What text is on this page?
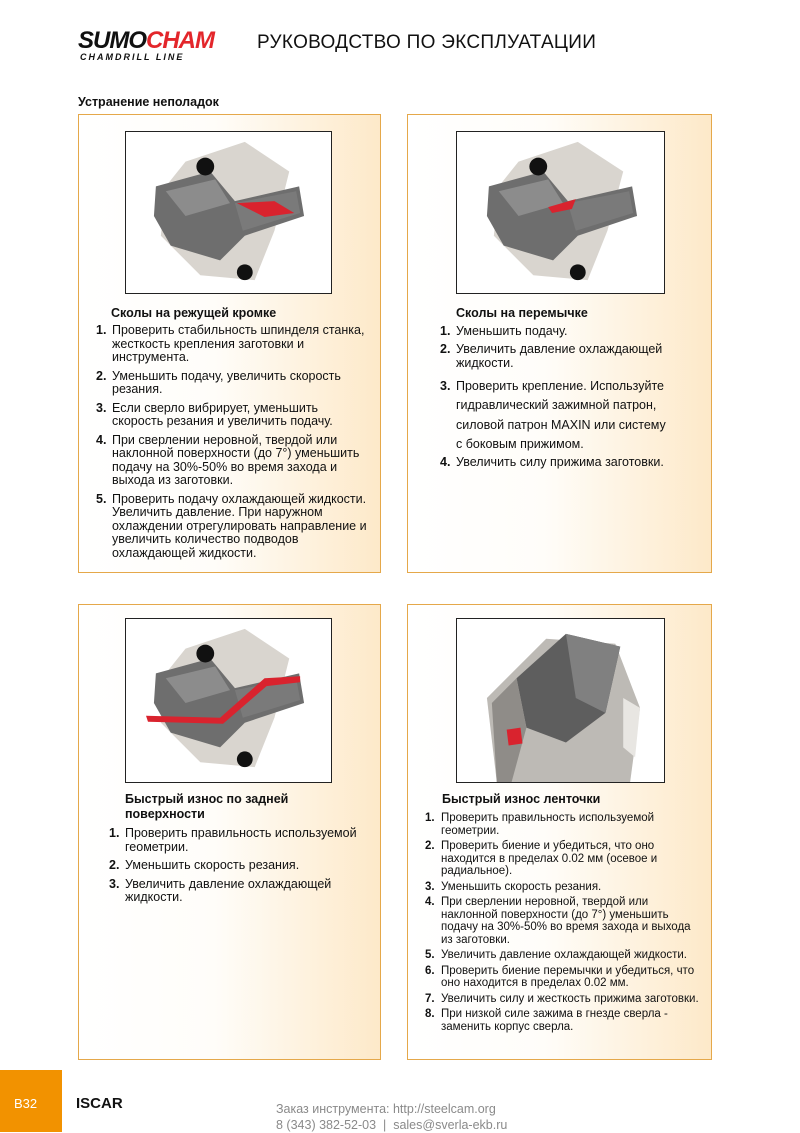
SUMOCHAM
CHAMDRILL LINE
РУКОВОДСТВО ПО ЭКСПЛУАТАЦИИ
Устранение неполадок
Сколы на режущей кромке
1. Проверить стабильность шпинделя станка, жесткость крепления заготовки и инструмента.
2. Уменьшить подачу, увеличить скорость резания.
3. Если сверло вибрирует, уменьшить скорость резания и увеличить подачу.
4. При сверлении неровной, твердой или наклонной поверхности (до 7°) уменьшить подачу на 30%-50% во время захода и выхода из заготовки.
5. Проверить подачу охлаждающей жидкости. Увеличить давление. При наружном охлаждении отрегулировать направление и увеличить количество подводов охлаждающей жидкости.
Сколы на перемычке
1. Уменьшить подачу.
2. Увеличить давление охлаждающей жидкости.
3. Проверить крепление. Используйте гидравлический зажимной патрон, силовой патрон MAXIN или систему с боковым прижимом.
4. Увеличить силу прижима заготовки.
Быстрый износ по задней поверхности
1. Проверить правильность используемой геометрии.
2. Уменьшить скорость резания.
3. Увеличить давление охлаждающей жидкости.
Быстрый износ ленточки
1. Проверить правильность используемой геометрии.
2. Проверить биение и убедиться, что оно находится в пределах 0.02 мм (осевое и радиальное).
3. Уменьшить скорость резания.
4. При сверлении неровной, твердой или наклонной поверхности (до 7°) уменьшить подачу на 30%-50% во время захода и выхода из заготовки.
5. Увеличить давление охлаждающей жидкости.
6. Проверить биение перемычки и убедиться, что оно находится в пределах 0.02 мм.
7. Увеличить силу и жесткость прижима заготовки.
8. При низкой силе зажима в гнезде сверла - заменить корпус сверла.
B32	ISCAR	Заказ инструмента: http://steelcam.org
8 (343) 382-52-03  |  sales@sverla-ekb.ru
